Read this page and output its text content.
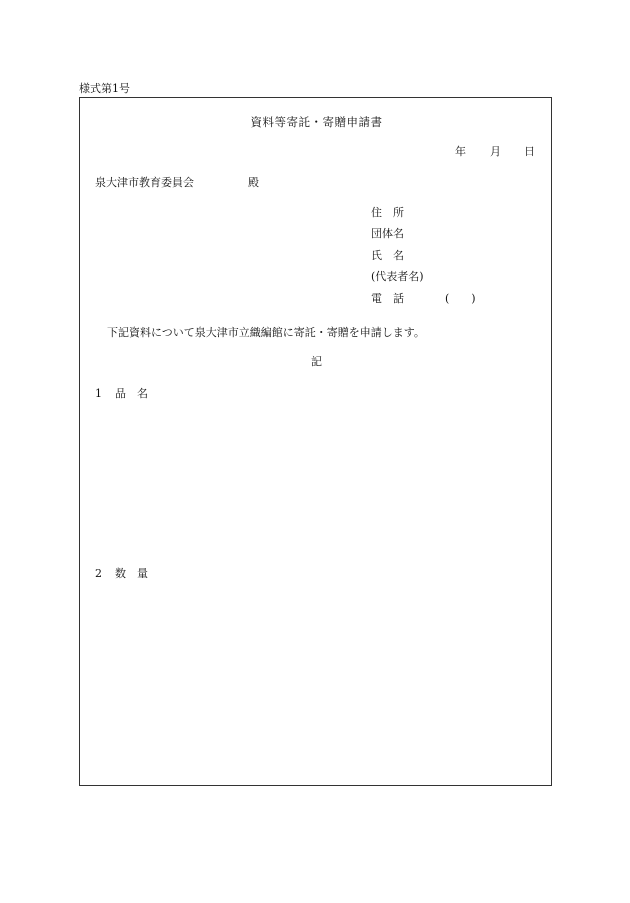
様式第1号
資料等寄託・寄贈申請書
年 月 日
泉大津市教育委員会	殿
住　所
団体名
氏　名
(代表者名)
電　話	(　　)
下記資料について泉大津市立織編館に寄託・寄贈を申請します。
記
1 品　名
2 数　量
